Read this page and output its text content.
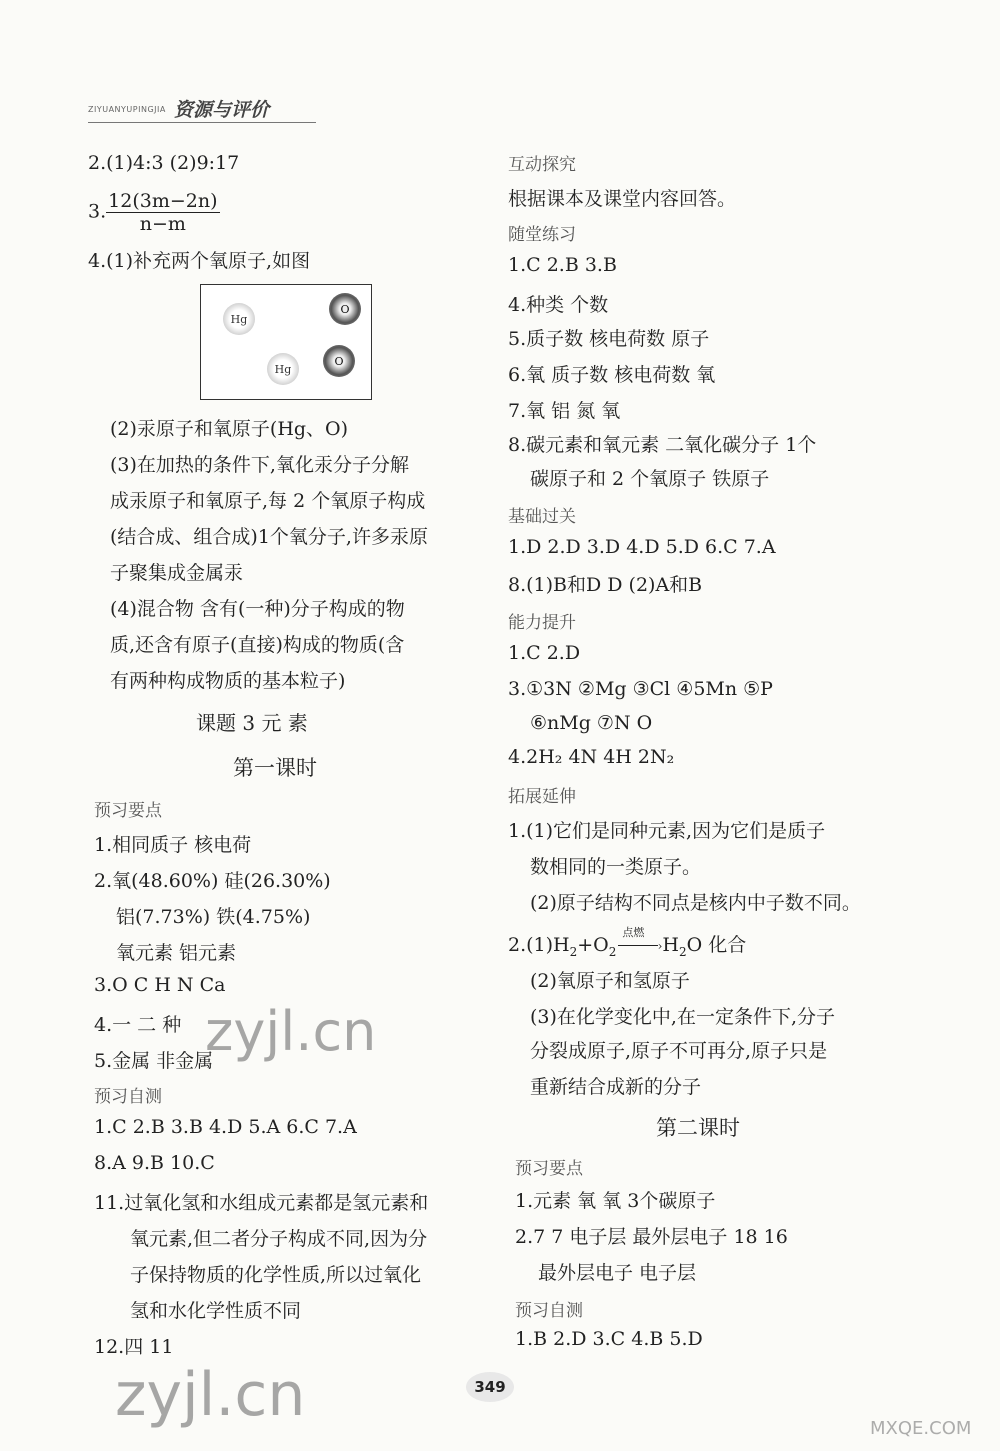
ZIYUANYUPINGJIA 资源与评价
2.(1)4:3 (2)9:17
3. $\frac{12(3m-2n)}{n-m}$
4.(1)补充两个氧原子,如图
Hg
O
Hg
O
(2)汞原子和氧原子(Hg、O)
(3)在加热的条件下,氧化汞分子分解
成汞原子和氧原子,每 2 个氧原子构成
(结合成、组合成)1个氧分子,许多汞原
子聚集成金属汞
(4)混合物 含有(一种)分子构成的物
质,还含有原子(直接)构成的物质(含
有两种构成物质的基本粒子)
课题 3 元 素
第一课时
预习要点
1.相同质子 核电荷
2.氧(48.60%) 硅(26.30%)
铝(7.73%) 铁(4.75%)
氧元素 铝元素
3.O C H N Ca
4.一 二 种
5.金属 非金属
预习自测
1.C 2.B 3.B 4.D 5.A 6.C 7.A
8.A 9.B 10.C
11.过氧化氢和水组成元素都是氢元素和
氧元素,但二者分子构成不同,因为分
子保持物质的化学性质,所以过氧化
氢和水化学性质不同
12.四 11
互动探究
根据课本及课堂内容回答。
随堂练习
1.C 2.B 3.B
4.种类 个数
5.质子数 核电荷数 原子
6.氧 质子数 核电荷数 氧
7.氧 铝 氮 氧
8.碳元素和氧元素 二氧化碳分子 1个
碳原子和 2 个氧原子 铁原子
基础过关
1.D 2.D 3.D 4.D 5.D 6.C 7.A
8.(1)B和D D (2)A和B
能力提升
1.C 2.D
3.①3N ②Mg ③Cl ④5Mn ⑤P
⑥nMg ⑦N O
4.2H₂ 4N 4H 2N₂
拓展延伸
1.(1)它们是同种元素,因为它们是质子
数相同的一类原子。
(2)原子结构不同点是核内中子数不同。
$2.(1)H_2+O_2$
点燃
› $H_2O$ 化合
(2)氧原子和氢原子
(3)在化学变化中,在一定条件下,分子
分裂成原子,原子不可再分,原子只是
重新结合成新的分子
第二课时
预习要点
1.元素 氧 氧 3个碳原子
2.7 7 电子层 最外层电子 18 16
最外层电子 电子层
预习自测
1.B 2.D 3.C 4.B 5.D
349
zyjl.cn
zyjl.cn	MXQE.COM
